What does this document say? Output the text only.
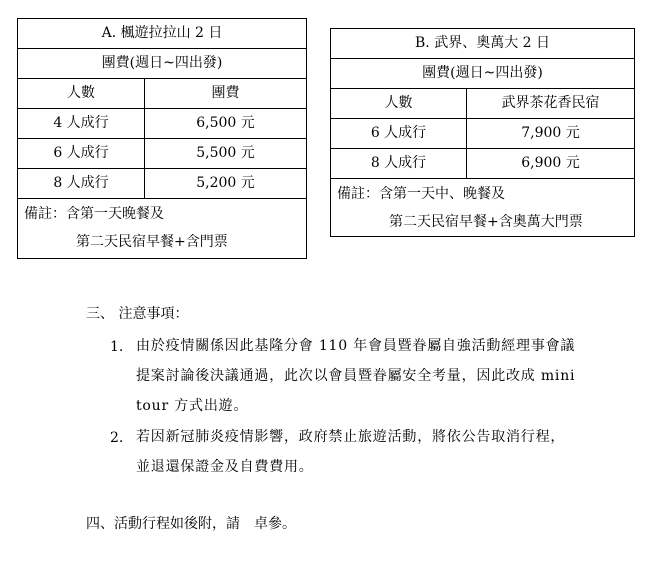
A. 楓遊拉拉山 2 日	
團費(週日~四出發)	
人數	團費
4 人成行	6,500 元
6 人成行	5,500 元
8 人成行	5,200 元

備註：含第一天晚餐及
第二天民宿早餐+含門票	
B. 武界、奧萬大 2 日	
團費(週日~四出發)	
人數	武界茶花香民宿
6 人成行	7,900 元
8 人成行	6,900 元

備註：含第一天中、晚餐及
第二天民宿早餐+含奧萬大門票	
三、 注意事項：
1. 由於疫情關係因此基隆分會 110 年會員暨眷屬自強活動經理事會議
提案討論後決議通過，此次以會員暨眷屬安全考量，因此改成 mini
tour 方式出遊。
2. 若因新冠肺炎疫情影響，政府禁止旅遊活動，將依公告取消行程，
並退還保證金及自費費用。
四、活動行程如後附，請　卓參。
